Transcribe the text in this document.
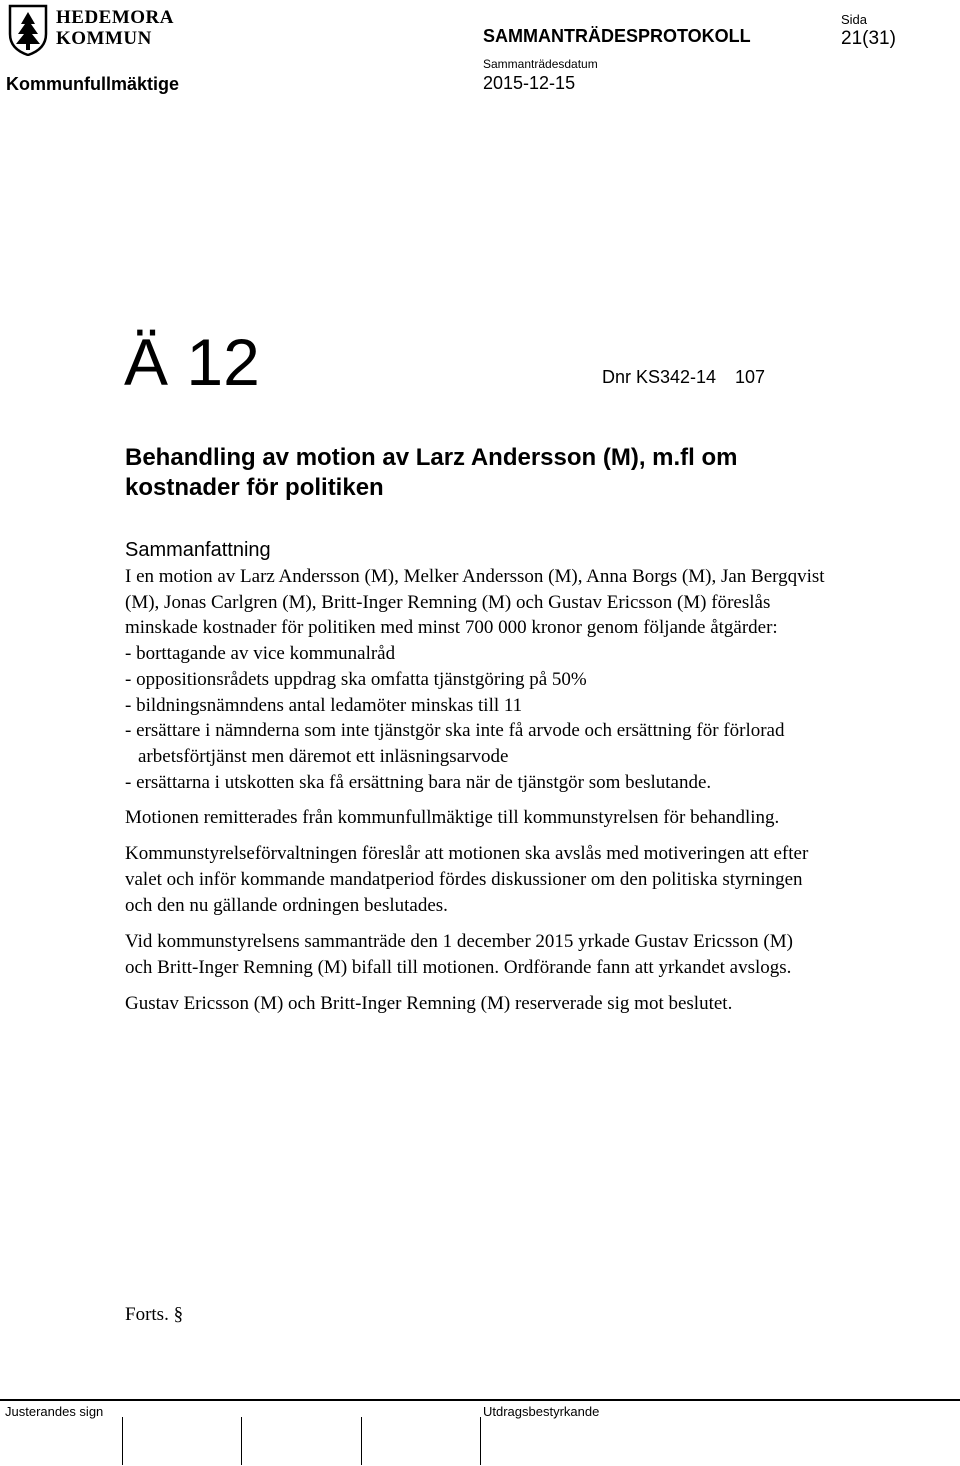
HEDEMORA
KOMMUN	SAMMANTRÄDESPROTOKOLL
Kommunfullmäktige
Sammanträdesdatum
2015-12-15
Sida
21(31)
Ä 12	Dnr KS342-14 107
Behandling av motion av Larz Andersson (M), m.fl om kostnader för politiken
Sammanfattning

I en motion av Larz Andersson (M), Melker Andersson (M), Anna Borgs (M), Jan Bergqvist (M), Jonas Carlgren (M), Britt-Inger Remning (M) och Gustav Ericsson (M) föreslås minskade kostnader för politiken med minst 700 000 kronor genom följande åtgärder:

- borttagande av vice kommunalråd
- oppositionsrådets uppdrag ska omfatta tjänstgöring på 50%
- bildningsnämndens antal ledamöter minskas till 11
- ersättare i nämnderna som inte tjänstgör ska inte få arvode och ersättning för förlorad arbetsförtjänst men däremot ett inläsningsarvode
- ersättarna i utskotten ska få ersättning bara när de tjänstgör som beslutande.

Motionen remitterades från kommunfullmäktige till kommunstyrelsen för behandling.

Kommunstyrelseförvaltningen föreslår att motionen ska avslås med motiveringen att efter valet och inför kommande mandatperiod fördes diskussioner om den politiska styrningen och den nu gällande ordningen beslutades.

Vid kommunstyrelsens sammanträde den 1 december 2015 yrkade Gustav Ericsson (M) och Britt-Inger Remning (M) bifall till motionen. Ordförande fann att yrkandet avslogs.

Gustav Ericsson (M) och Britt-Inger Remning (M) reserverade sig mot beslutet.

Forts. §
Justerandes sign	Utdragsbestyrkande
